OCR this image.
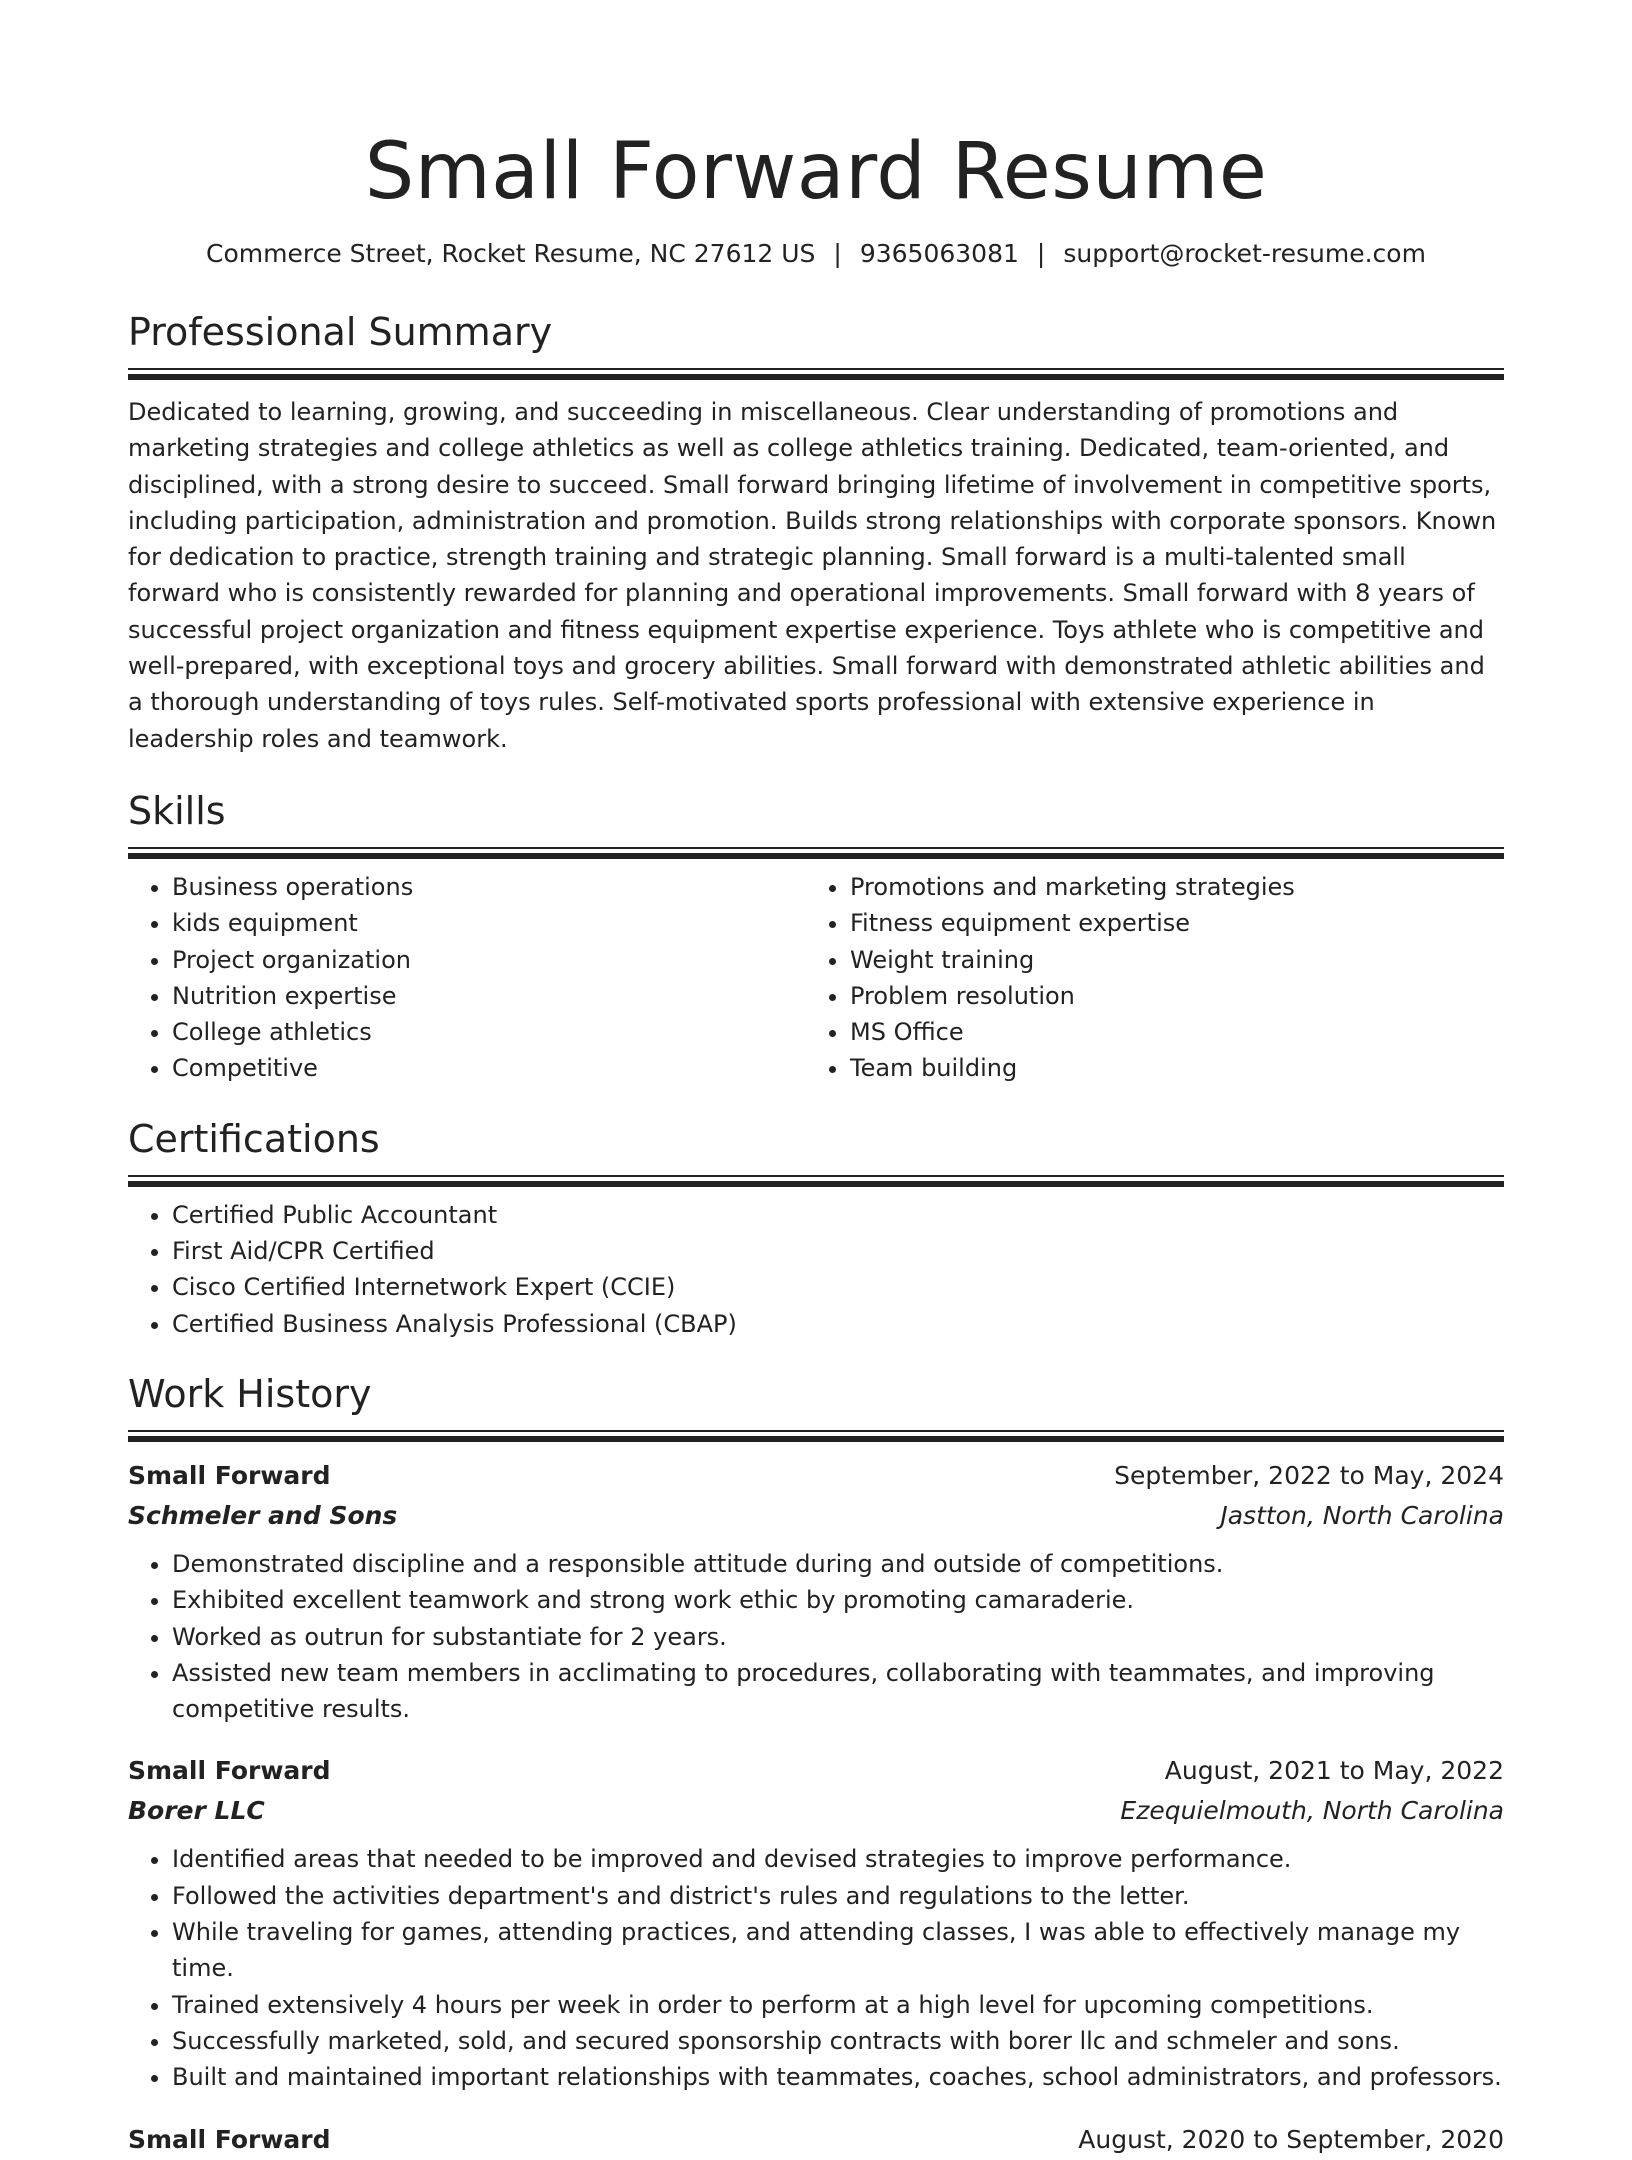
Small Forward Resume
Commerce Street, Rocket Resume, NC 27612 US | 9365063081 | support@rocket-resume.com
Professional Summary

Dedicated to learning, growing, and succeeding in miscellaneous. Clear understanding of promotions and marketing strategies and college athletics as well as college athletics training. Dedicated, team-oriented, and disciplined, with a strong desire to succeed. Small forward bringing lifetime of involvement in competitive sports, including participation, administration and promotion. Builds strong relationships with corporate sponsors. Known for dedication to practice, strength training and strategic planning. Small forward is a multi-talented small forward who is consistently rewarded for planning and operational improvements. Small forward with 8 years of successful project organization and fitness equipment expertise experience. Toys athlete who is competitive and well-prepared, with exceptional toys and grocery abilities. Small forward with demonstrated athletic abilities and a thorough understanding of toys rules. Self-motivated sports professional with extensive experience in leadership roles and teamwork.

Skills
• Business operations
• kids equipment
• Project organization
• Nutrition expertise
• College athletics
• Competitive
• Promotions and marketing strategies
• Fitness equipment expertise
• Weight training
• Problem resolution
• MS Office
• Team building
Certifications
• Certified Public Accountant
• First Aid/CPR Certified
• Cisco Certified Internetwork Expert (CCIE)
• Certified Business Analysis Professional (CBAP)
Work History
Small Forward	September, 2022 to May, 2024
Schmeler and Sons	Jastton, North Carolina
• Demonstrated discipline and a responsible attitude during and outside of competitions.
• Exhibited excellent teamwork and strong work ethic by promoting camaraderie.
• Worked as outrun for substantiate for 2 years.
• Assisted new team members in acclimating to procedures, collaborating with teammates, and improving competitive results.
Small Forward	August, 2021 to May, 2022
Borer LLC	Ezequielmouth, North Carolina
• Identified areas that needed to be improved and devised strategies to improve performance.
• Followed the activities department's and district's rules and regulations to the letter.
• While traveling for games, attending practices, and attending classes, I was able to effectively manage my time.
• Trained extensively 4 hours per week in order to perform at a high level for upcoming competitions.
• Successfully marketed, sold, and secured sponsorship contracts with borer llc and schmeler and sons.
• Built and maintained important relationships with teammates, coaches, school administrators, and professors.
Small Forward	August, 2020 to September, 2020
